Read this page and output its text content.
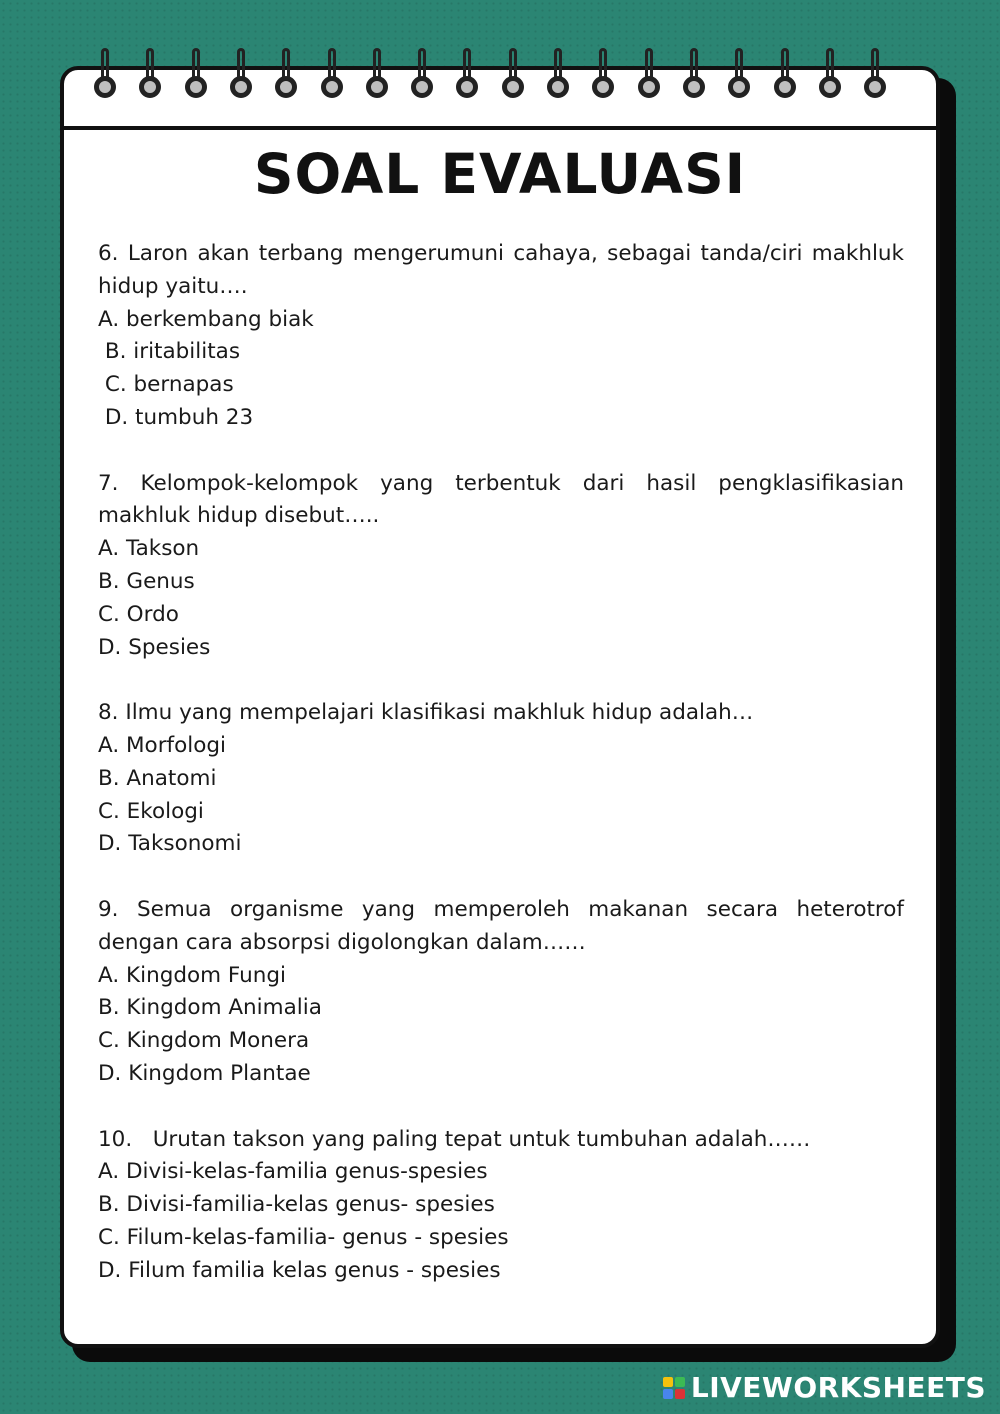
SOAL EVALUASI

6. Laron akan terbang mengerumuni cahaya, sebagai tanda/ciri makhluk hidup yaitu….

A. berkembang biak

B. iritabilitas

C. bernapas

D. tumbuh 23

7. Kelompok-kelompok yang terbentuk dari hasil pengklasifikasian makhluk hidup disebut…..

A. Takson

B. Genus

C. Ordo

D. Spesies

8. Ilmu yang mempelajari klasifikasi makhluk hidup adalah…

A. Morfologi

B. Anatomi

C. Ekologi

D. Taksonomi

9. Semua organisme yang memperoleh makanan secara heterotrof dengan cara absorpsi digolongkan dalam……

A. Kingdom Fungi

B. Kingdom Animalia

C. Kingdom Monera

D. Kingdom Plantae

10.   Urutan takson yang paling tepat untuk tumbuhan adalah……

A. Divisi-kelas-familia genus-spesies

B. Divisi-familia-kelas genus- spesies

C. Filum-kelas-familia- genus - spesies

D. Filum familia kelas genus - spesies

LIVEWORKSHEETS
